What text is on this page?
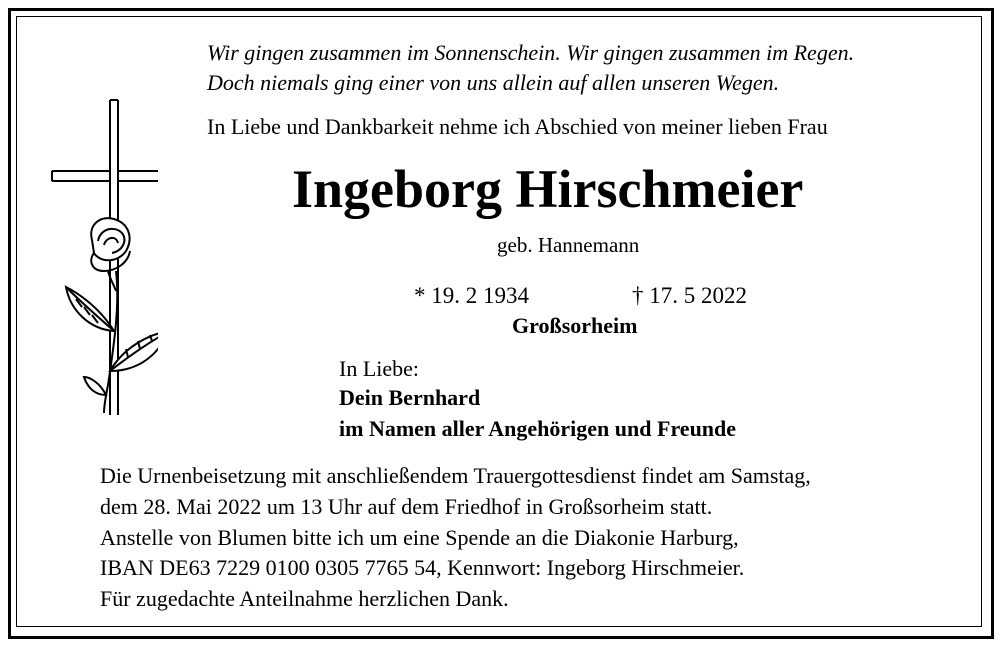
Wir gingen zusammen im Sonnenschein. Wir gingen zusammen im Regen.
Doch niemals ging einer von uns allein auf allen unseren Wegen.
In Liebe und Dankbarkeit nehme ich Abschied von meiner lieben Frau
Ingeborg Hirschmeier
geb. Hannemann
* 19. 2 1934	† 17. 5 2022
Großsorheim
In Liebe:
Dein Bernhard
im Namen aller Angehörigen und Freunde
Die Urnenbeisetzung mit anschließendem Trauergottesdienst findet am Samstag,
dem 28. Mai 2022 um 13 Uhr auf dem Friedhof in Großsorheim statt.
Anstelle von Blumen bitte ich um eine Spende an die Diakonie Harburg,
IBAN DE63 7229 0100 0305 7765 54, Kennwort: Ingeborg Hirschmeier.
Für zugedachte Anteilnahme herzlichen Dank.
